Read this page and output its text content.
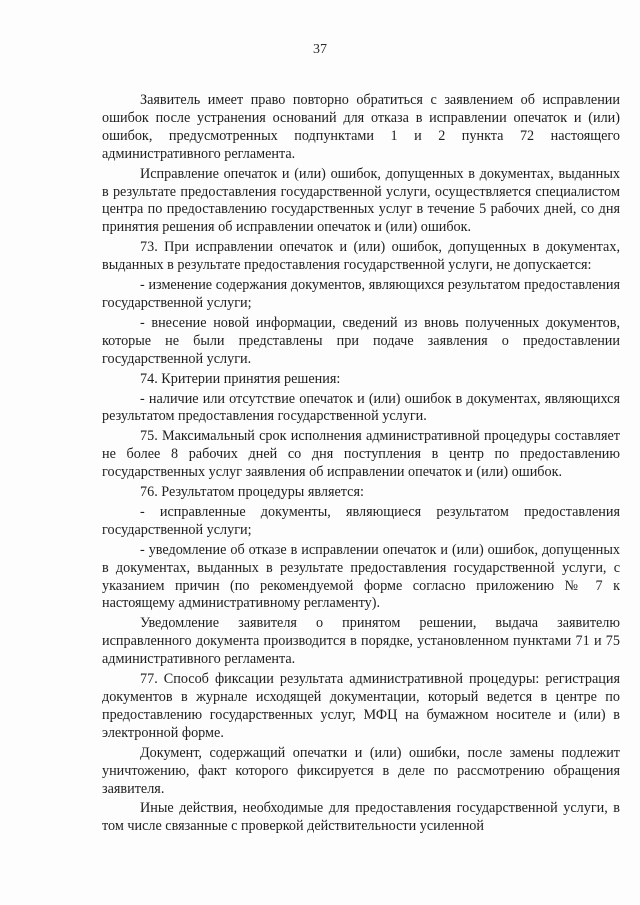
37

Заявитель имеет право повторно обратиться с заявлением об исправлении ошибок после устранения оснований для отказа в исправлении опечаток и (или) ошибок, предусмотренных подпунктами 1 и 2 пункта 72 настоящего административного регламента.

Исправление опечаток и (или) ошибок, допущенных в документах, выданных в результате предоставления государственной услуги, осуществляется специалистом центра по предоставлению государственных услуг в течение 5 рабочих дней, со дня принятия решения об исправлении опечаток и (или) ошибок.

73. При исправлении опечаток и (или) ошибок, допущенных в документах, выданных в результате предоставления государственной услуги, не допускается:

- изменение содержания документов, являющихся результатом предоставления государственной услуги;

- внесение новой информации, сведений из вновь полученных документов, которые не были представлены при подаче заявления о предоставлении государственной услуги.

74. Критерии принятия решения:

- наличие или отсутствие опечаток и (или) ошибок в документах, являющихся результатом предоставления государственной услуги.

75. Максимальный срок исполнения административной процедуры составляет не более 8 рабочих дней со дня поступления в центр по предоставлению государственных услуг заявления об исправлении опечаток и (или) ошибок.

76. Результатом процедуры является:

- исправленные документы, являющиеся результатом предоставления государственной услуги;

- уведомление об отказе в исправлении опечаток и (или) ошибок, допущенных в документах, выданных в результате предоставления государственной услуги, с указанием причин (по рекомендуемой форме согласно приложению № 7 к настоящему административному регламенту).

Уведомление заявителя о принятом решении, выдача заявителю исправленного документа производится в порядке, установленном пунктами 71 и 75 административного регламента.

77. Способ фиксации результата административной процедуры: регистрация документов в журнале исходящей документации, который ведется в центре по предоставлению государственных услуг, МФЦ на бумажном носителе и (или) в электронной форме.

Документ, содержащий опечатки и (или) ошибки, после замены подлежит уничтожению, факт которого фиксируется в деле по рассмотрению обращения заявителя.

Иные действия, необходимые для предоставления государственной услуги, в том числе связанные с проверкой действительности усиленной
